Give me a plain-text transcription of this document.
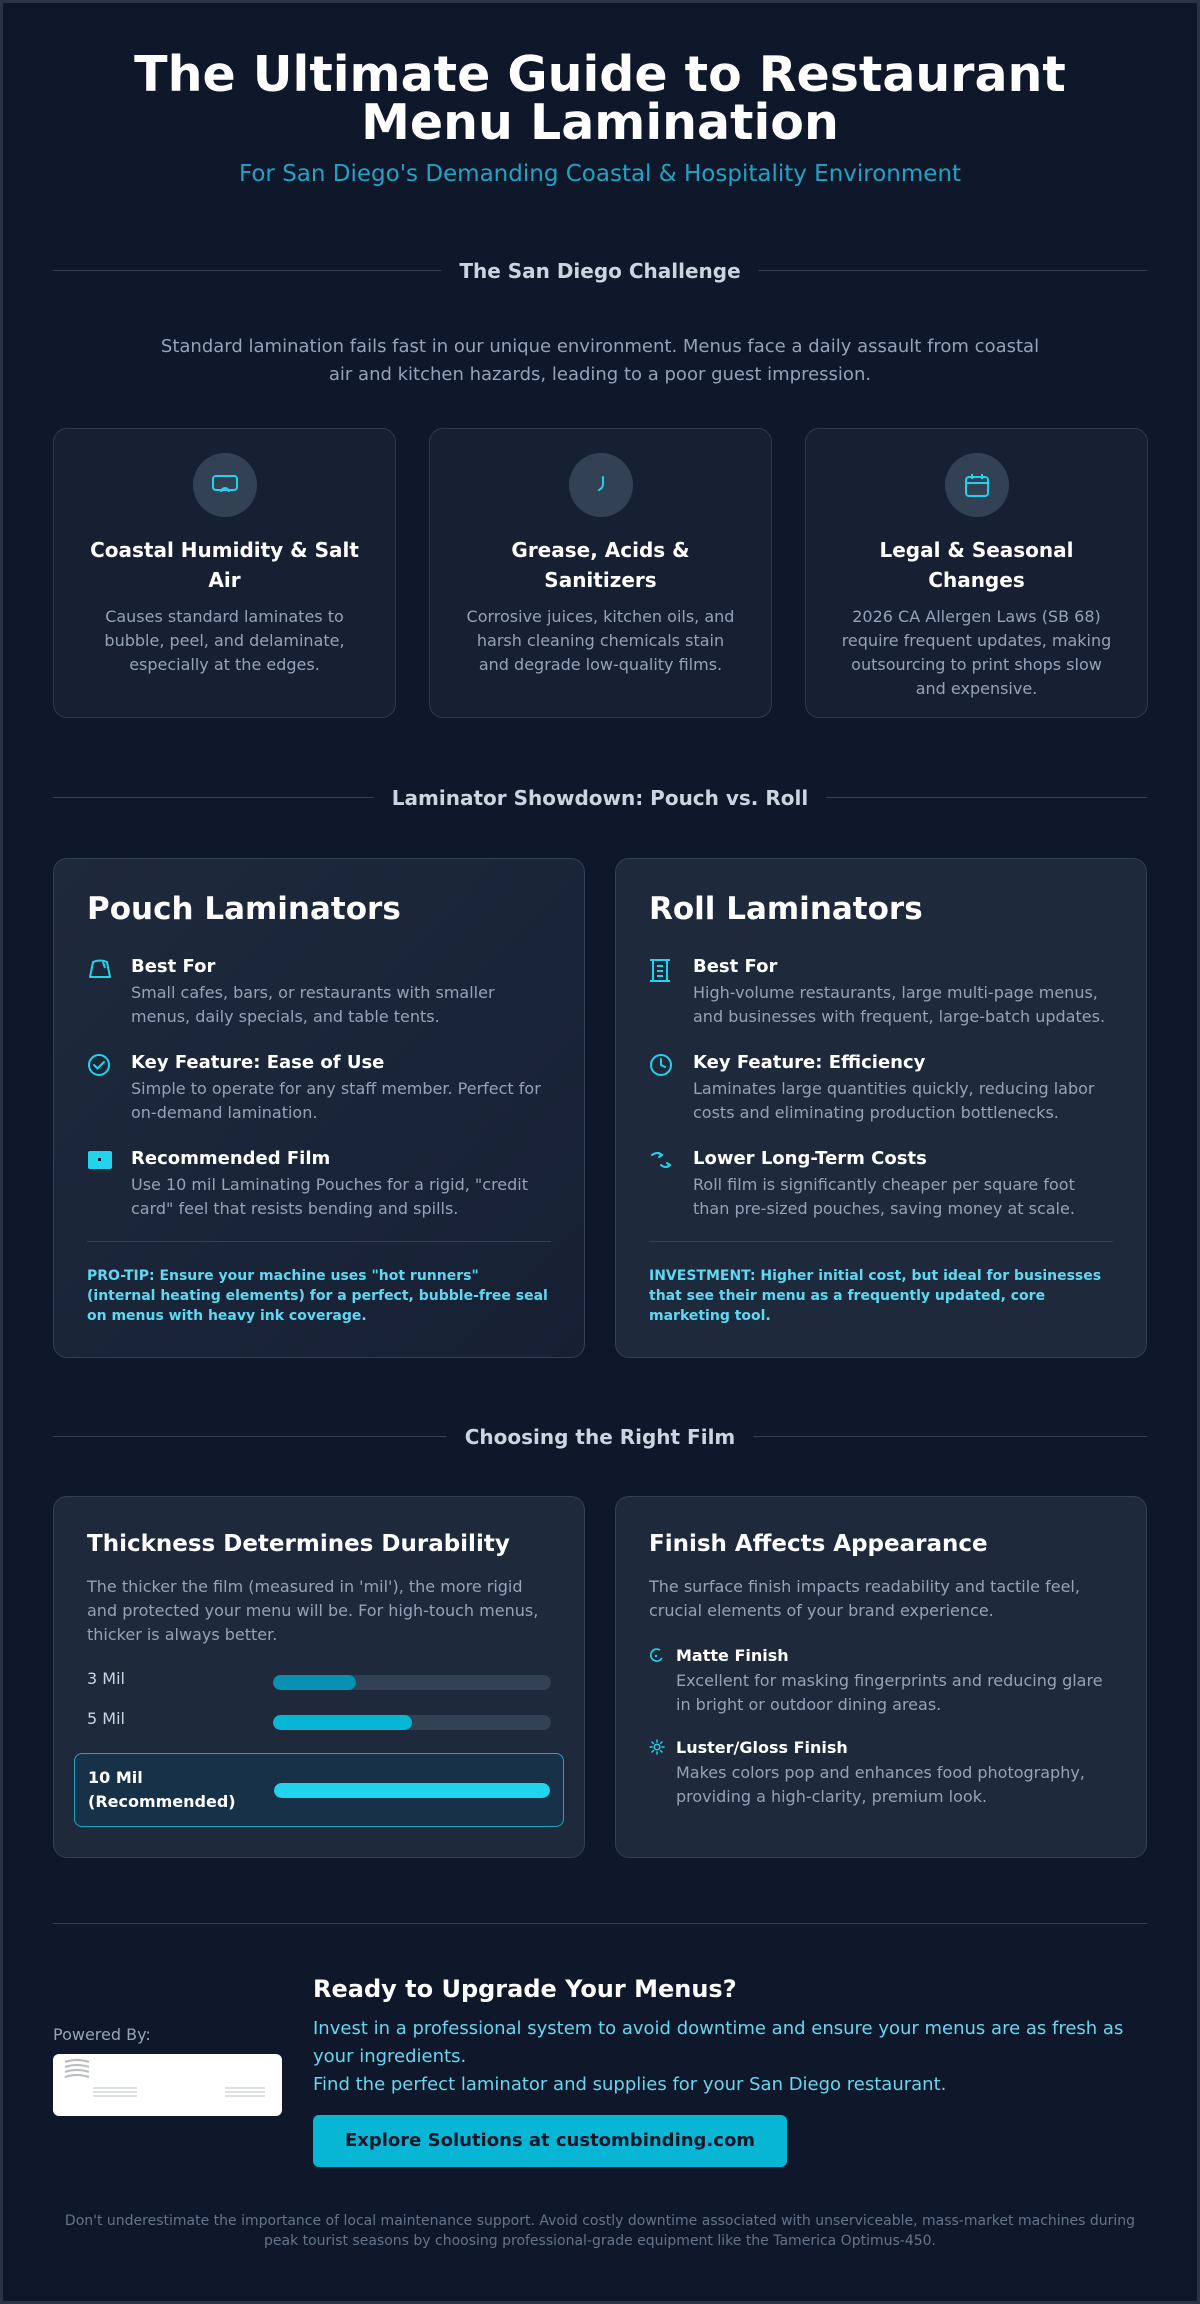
The Ultimate Guide to Restaurant Menu Lamination
For San Diego's Demanding Coastal & Hospitality Environment
The San Diego Challenge

Standard lamination fails fast in our unique environment. Menus face a daily assault from coastal air and kitchen hazards, leading to a poor guest impression.

Coastal Humidity & Salt Air

Causes standard laminates to bubble, peel, and delaminate, especially at the edges.

Grease, Acids & Sanitizers

Corrosive juices, kitchen oils, and harsh cleaning chemicals stain and degrade low-quality films.

Legal & Seasonal Changes

2026 CA Allergen Laws (SB 68) require frequent updates, making outsourcing to print shops slow and expensive.

Laminator Showdown: Pouch vs. Roll
Pouch Laminators
Best For

Small cafes, bars, or restaurants with smaller menus, daily specials, and table tents.

Key Feature: Ease of Use

Simple to operate for any staff member. Perfect for on-demand lamination.

Recommended Film

Use 10 mil Laminating Pouches for a rigid, "credit card" feel that resists bending and spills.

PRO-TIP: Ensure your machine uses "hot runners" (internal heating elements) for a perfect, bubble-free seal on menus with heavy ink coverage.

Roll Laminators
Best For

High-volume restaurants, large multi-page menus, and businesses with frequent, large-batch updates.

Key Feature: Efficiency

Laminates large quantities quickly, reducing labor costs and eliminating production bottlenecks.

Lower Long-Term Costs

Roll film is significantly cheaper per square foot than pre-sized pouches, saving money at scale.

INVESTMENT: Higher initial cost, but ideal for businesses that see their menu as a frequently updated, core marketing tool.

Choosing the Right Film
Thickness Determines Durability

The thicker the film (measured in 'mil'), the more rigid and protected your menu will be. For high-touch menus, thicker is always better.

3 Mil
5 Mil
10 Mil (Recommended)
Finish Affects Appearance

The surface finish impacts readability and tactile feel, crucial elements of your brand experience.

Matte Finish

Excellent for masking fingerprints and reducing glare in bright or outdoor dining areas.

Luster/Gloss Finish

Makes colors pop and enhances food photography, providing a high-clarity, premium look.

Powered By:
Ready to Upgrade Your Menus?

Invest in a professional system to avoid downtime and ensure your menus are as fresh as your ingredients.

Find the perfect laminator and supplies for your San Diego restaurant.

Explore Solutions at custombinding.com

Don't underestimate the importance of local maintenance support. Avoid costly downtime associated with unserviceable, mass-market machines during peak tourist seasons by choosing professional-grade equipment like the Tamerica Optimus-450.
